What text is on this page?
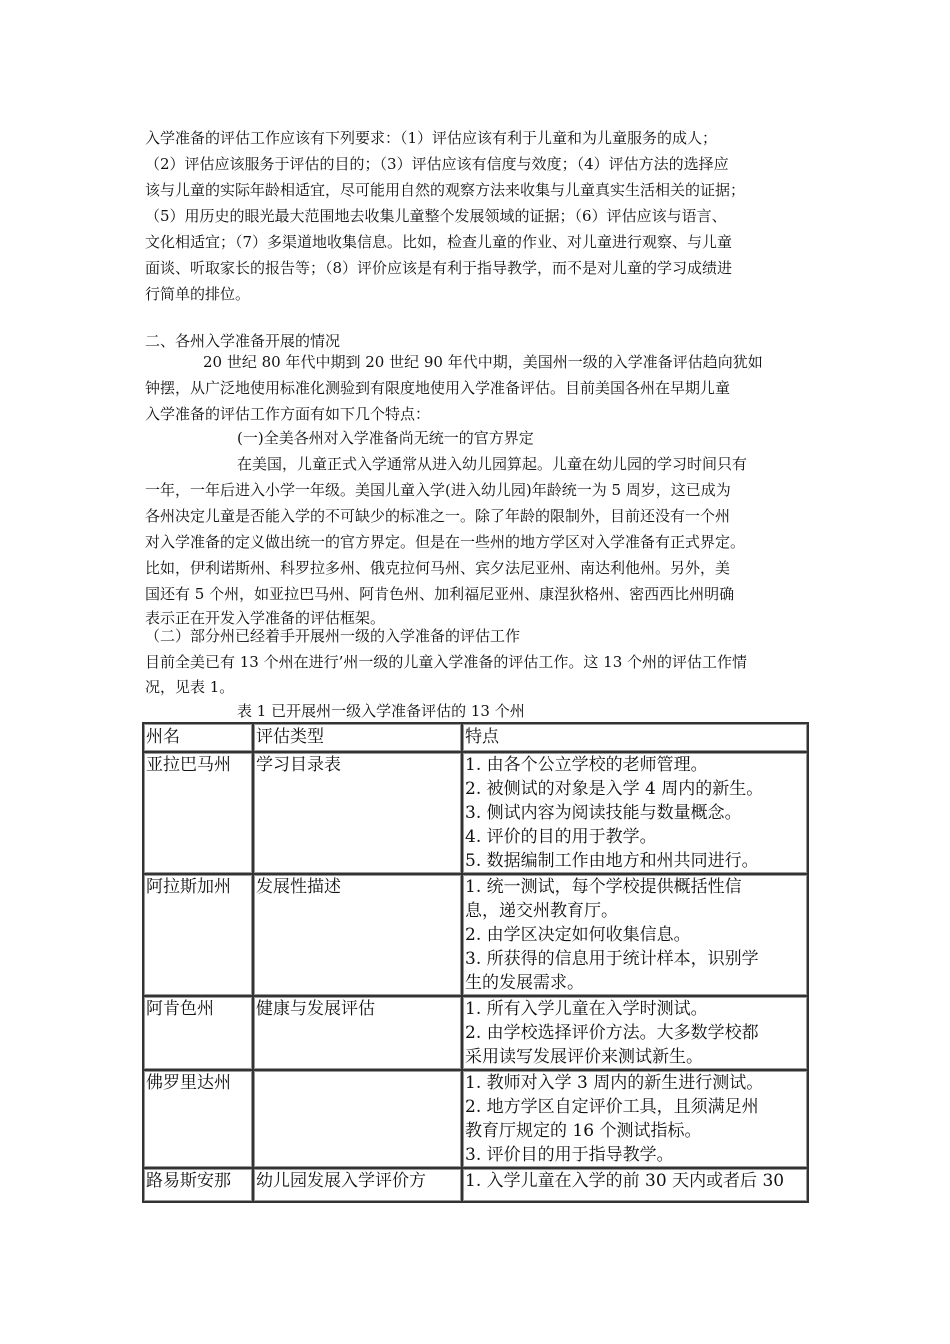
入学准备的评估工作应该有下列要求：（1）评估应该有利于儿童和为儿童服务的成人；
（2）评估应该服务于评估的目的；（3）评估应该有信度与效度；（4）评估方法的选择应
该与儿童的实际年龄相适宜，尽可能用自然的观察方法来收集与儿童真实生活相关的证据；
（5）用历史的眼光最大范围地去收集儿童整个发展领域的证据；（6）评估应该与语言、
文化相适宜；（7）多渠道地收集信息。比如，检查儿童的作业、对儿童进行观察、与儿童
面谈、听取家长的报告等；（8）评价应该是有利于指导教学，而不是对儿童的学习成绩进
行简单的排位。
二、各州入学准备开展的情况
20 世纪 80 年代中期到 20 世纪 90 年代中期，美国州一级的入学准备评估趋向犹如
钟摆，从广泛地使用标准化测验到有限度地使用入学准备评估。目前美国各州在早期儿童
入学准备的评估工作方面有如下几个特点：
(一)全美各州对入学准备尚无统一的官方界定
在美国，儿童正式入学通常从进入幼儿园算起。儿童在幼儿园的学习时间只有
一年，一年后进入小学一年级。美国儿童入学(进入幼儿园)年龄统一为 5 周岁，这已成为
各州决定儿童是否能入学的不可缺少的标准之一。除了年龄的限制外，目前还没有一个州
对入学准备的定义做出统一的官方界定。但是在一些州的地方学区对入学准备有正式界定。
比如，伊利诺斯州、科罗拉多州、俄克拉何马州、宾夕法尼亚州、南达利他州。另外，美
国还有 5 个州，如亚拉巴马州、阿肯色州、加利福尼亚州、康涅狄格州、密西西比州明确
表示正在开发入学准备的评估框架。
（二）部分州已经着手开展州一级的入学准备的评估工作
目前全美已有 13 个州在进行’州一级的儿童入学准备的评估工作。这 13 个州的评估工作情
况，见表 1。
表 1 已开展州一级入学准备评估的 13 个州
州名	评估类型	特点
亚拉巴马州	学习目录表	1. 由各个公立学校的老师管理。
2. 被侧试的对象是入学 4 周内的新生。
3. 侧试内容为阅读技能与数量概念。
4. 评价的目的用于教学。
5. 数据编制工作由地方和州共同进行。

阿拉斯加州	发展性描述	1. 统一测试，每个学校提供概括性信
息，递交州教育厅。
2. 由学区决定如何收集信息。
3. 所获得的信息用于统计样本，识别学
生的发展需求。

阿肯色州	健康与发展评估	1. 所有入学儿童在入学时测试。
2. 由学校选择评价方法。大多数学校都
采用读写发展评价来测试新生。

佛罗里达州		1. 教师对入学 3 周内的新生进行测试。
2. 地方学区自定评价工具，且须满足州
教育厅规定的 16 个测试指标。
3. 评价目的用于指导教学。

路易斯安那	幼儿园发展入学评价方	1. 入学儿童在入学的前 30 天内或者后 30
